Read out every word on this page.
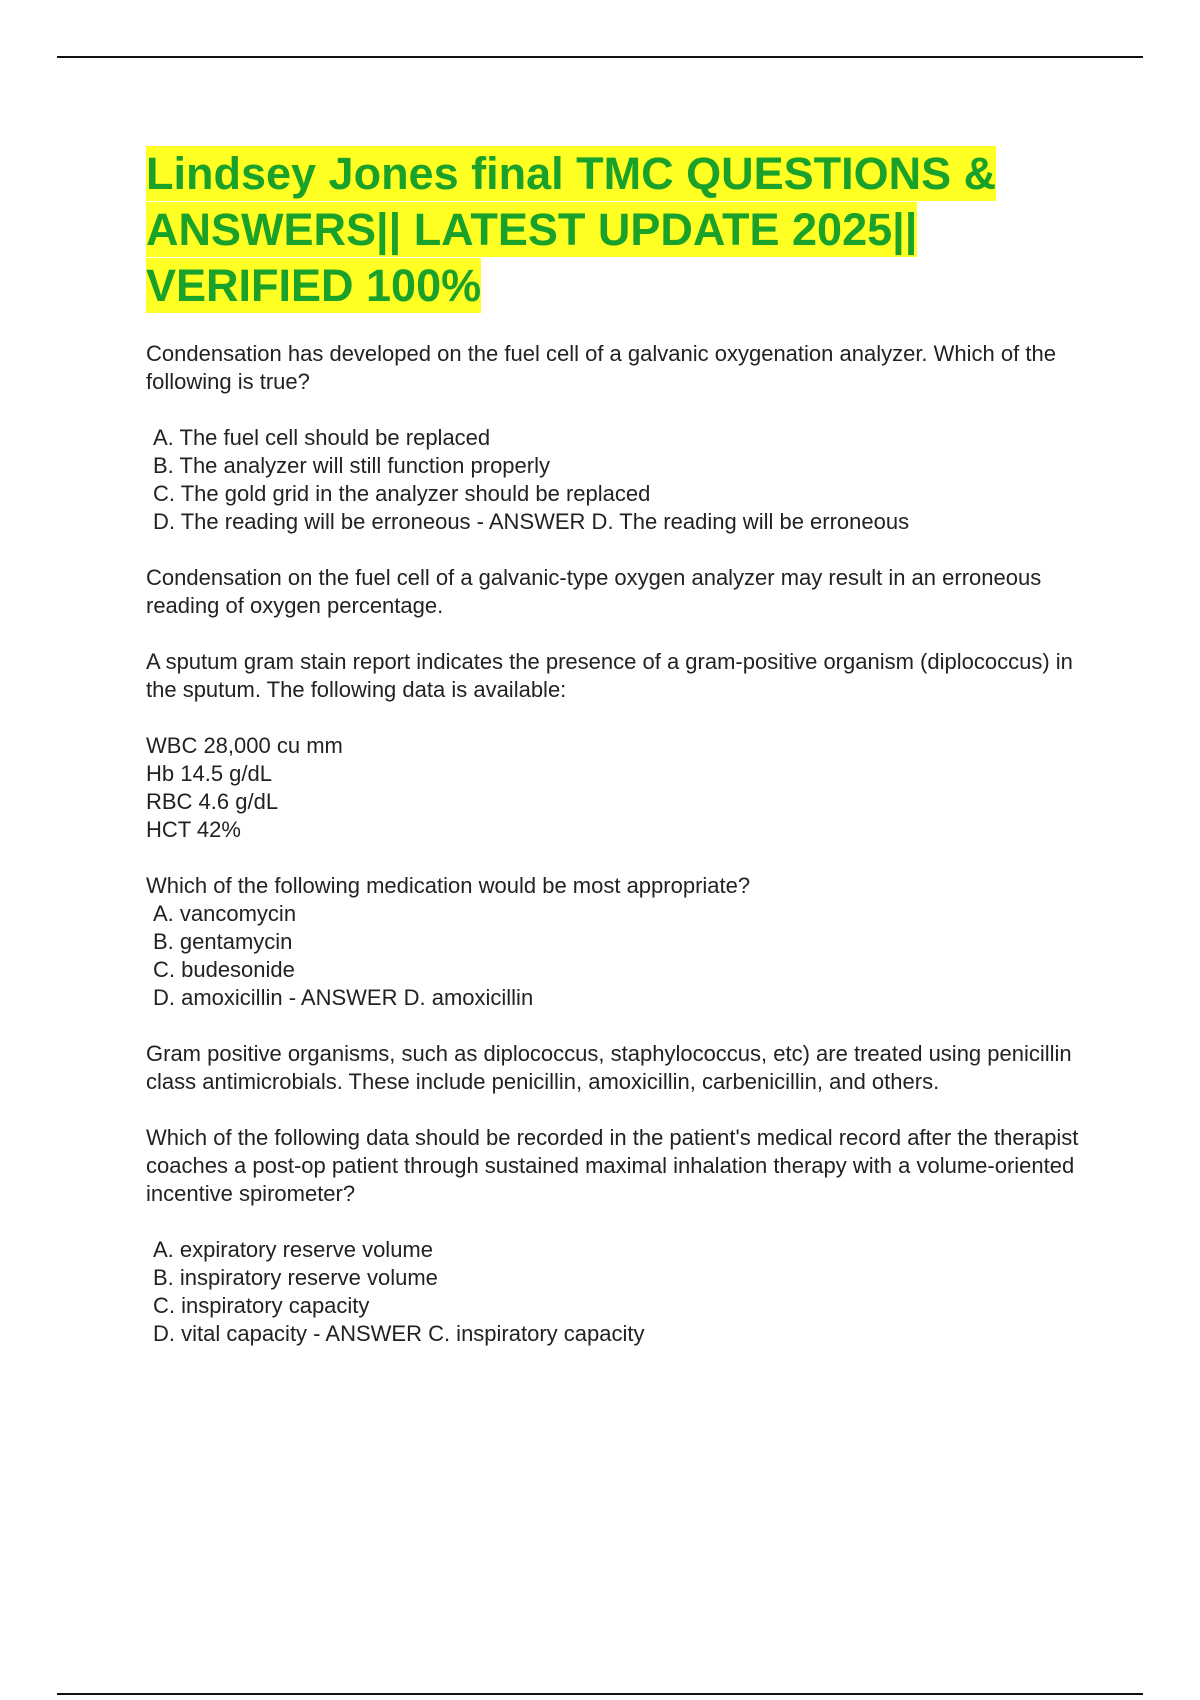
Lindsey Jones final TMC QUESTIONS & ANSWERS|| LATEST UPDATE 2025|| VERIFIED 100%

Condensation has developed on the fuel cell of a galvanic oxygenation analyzer. Which of the following is true?

A. The fuel cell should be replaced
B. The analyzer will still function properly
C. The gold grid in the analyzer should be replaced
D. The reading will be erroneous - ANSWER D. The reading will be erroneous

Condensation on the fuel cell of a galvanic-type oxygen analyzer may result in an erroneous reading of oxygen percentage.

A sputum gram stain report indicates the presence of a gram-positive organism (diplococcus) in the sputum. The following data is available:

WBC 28,000 cu mm
Hb 14.5 g/dL
RBC 4.6 g/dL
HCT 42%

Which of the following medication would be most appropriate?

A. vancomycin
B. gentamycin
C. budesonide
D. amoxicillin - ANSWER D. amoxicillin

Gram positive organisms, such as diplococcus, staphylococcus, etc) are treated using penicillin class antimicrobials. These include penicillin, amoxicillin, carbenicillin, and others.

Which of the following data should be recorded in the patient's medical record after the therapist coaches a post-op patient through sustained maximal inhalation therapy with a volume-oriented incentive spirometer?

A. expiratory reserve volume
B. inspiratory reserve volume
C. inspiratory capacity
D. vital capacity - ANSWER C. inspiratory capacity
